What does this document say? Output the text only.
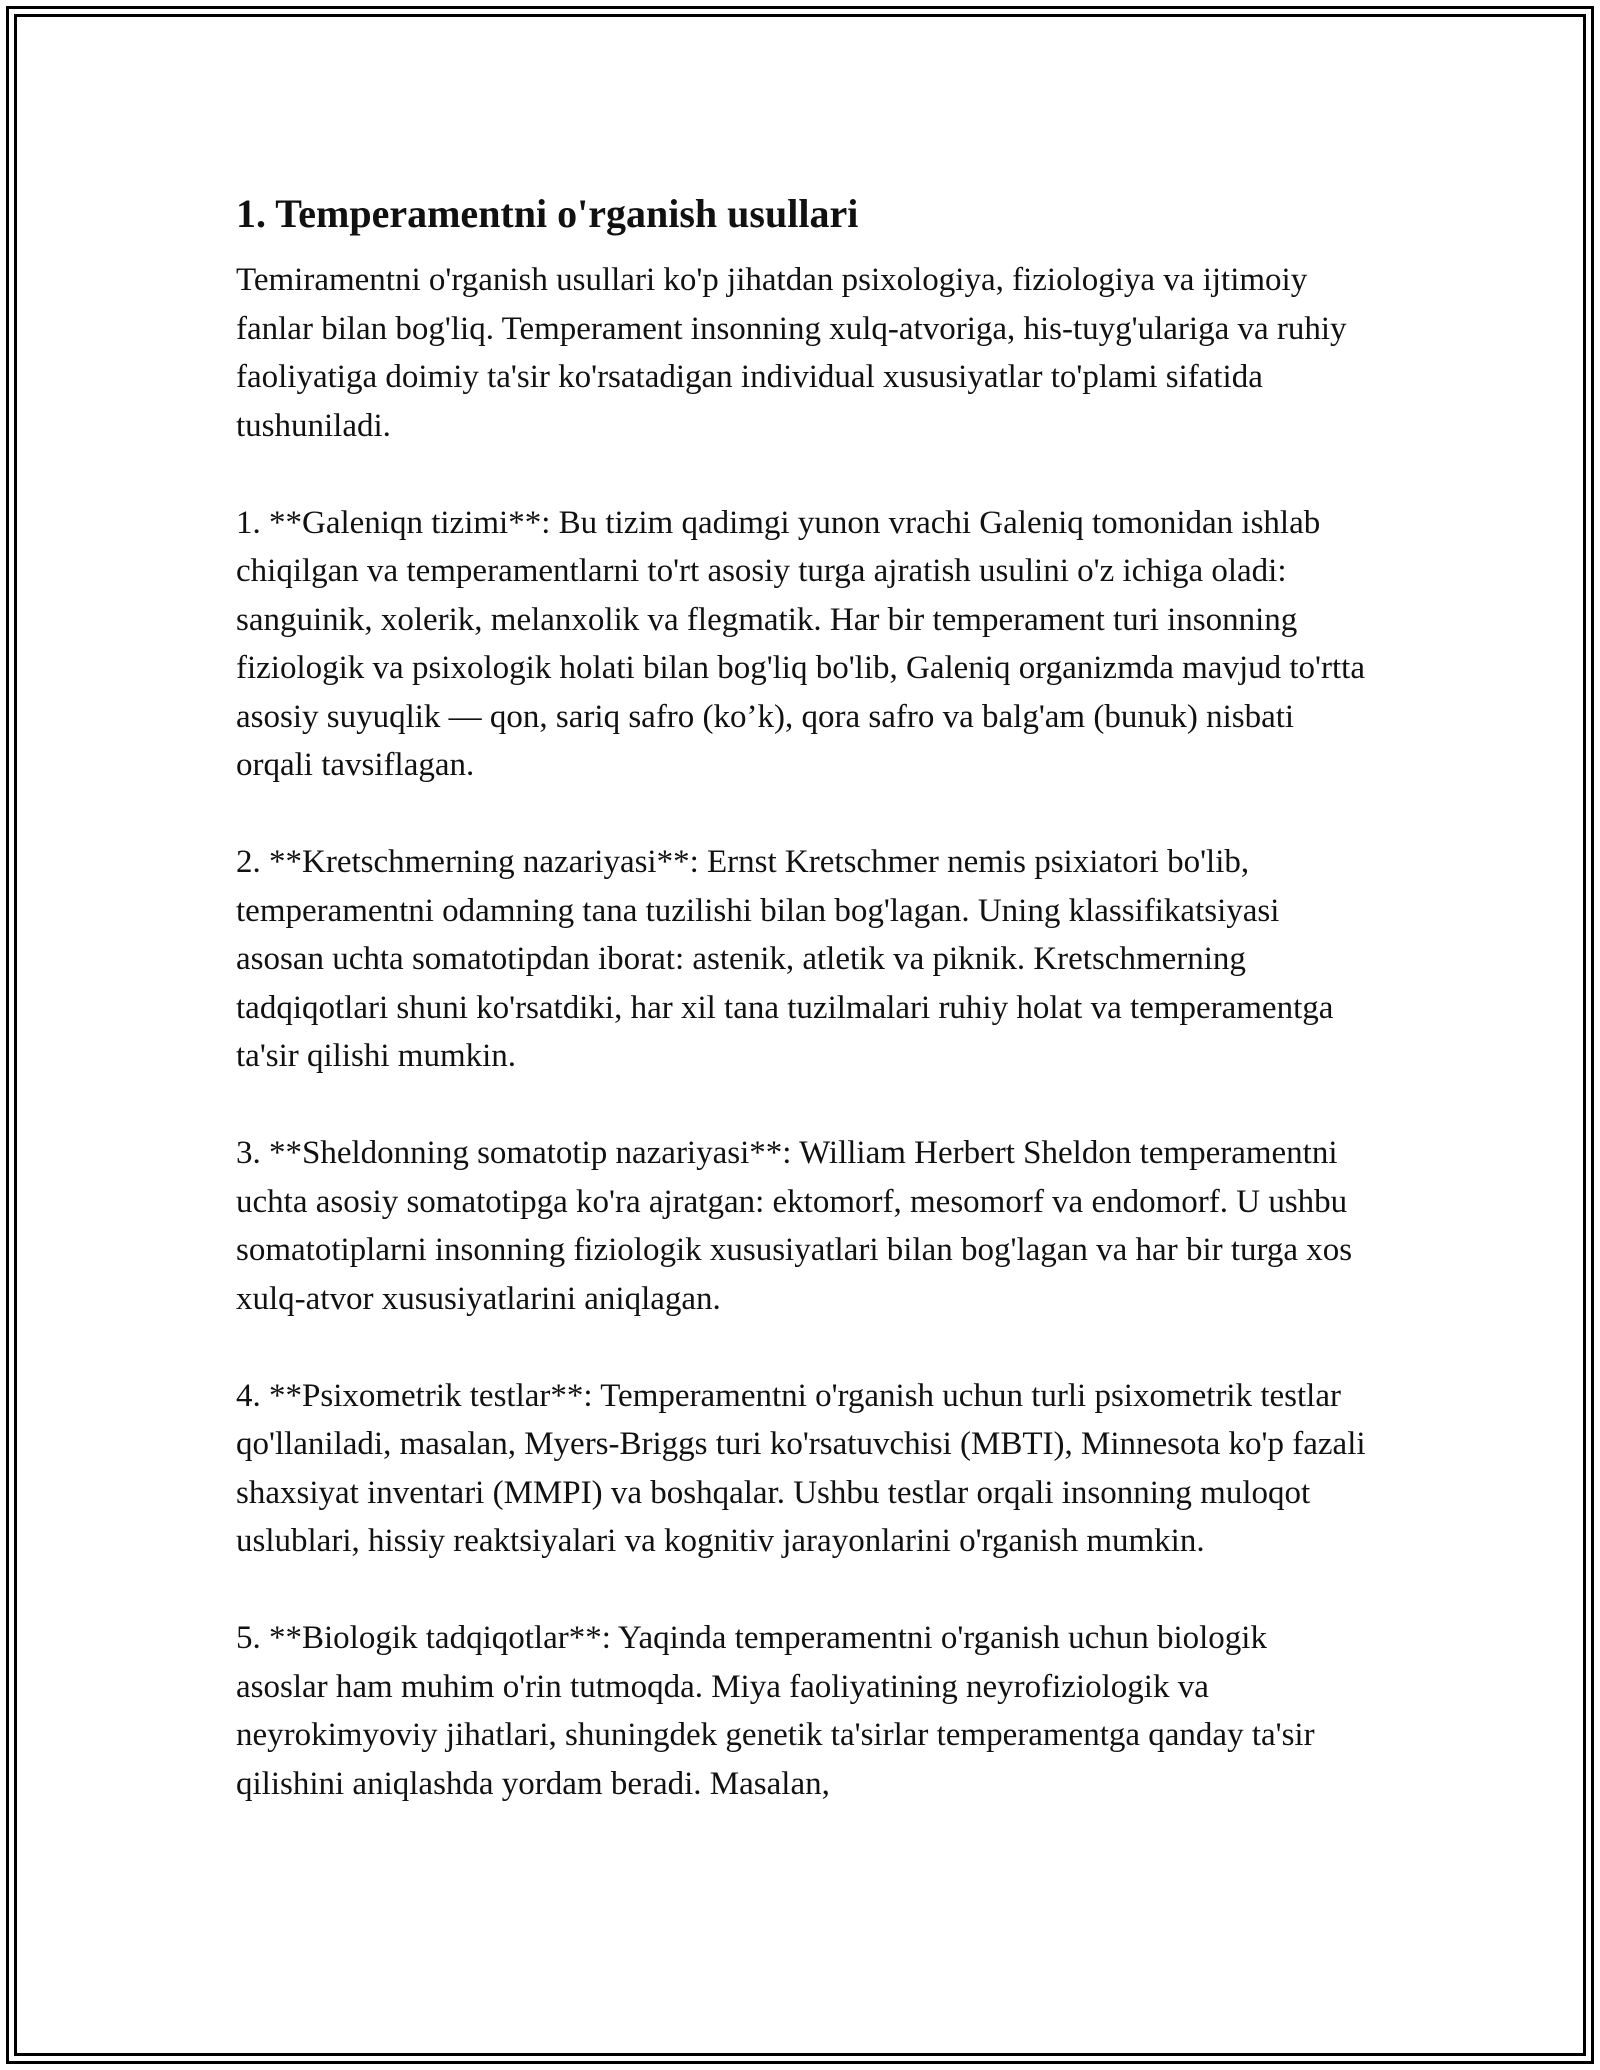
1. Temperamentni o'rganish usullari

Temiramentni o'rganish usullari ko'p jihatdan psixologiya, fiziologiya va ijtimoiy fanlar bilan bog'liq. Temperament insonning xulq-atvoriga, his-tuyg'ulariga va ruhiy faoliyatiga doimiy ta'sir ko'rsatadigan individual xususiyatlar to'plami sifatida tushuniladi.

1. **Galeniqn tizimi**: Bu tizim qadimgi yunon vrachi Galeniq tomonidan ishlab chiqilgan va temperamentlarni to'rt asosiy turga ajratish usulini o'z ichiga oladi: sanguinik, xolerik, melanxolik va flegmatik. Har bir temperament turi insonning fiziologik va psixologik holati bilan bog'liq bo'lib, Galeniq organizmda mavjud to'rtta asosiy suyuqlik — qon, sariq safro (ko’k), qora safro va balg'am (bunuk) nisbati orqali tavsiflagan.

2. **Kretschmerning nazariyasi**: Ernst Kretschmer nemis psixiatori bo'lib, temperamentni odamning tana tuzilishi bilan bog'lagan. Uning klassifikatsiyasi asosan uchta somatotipdan iborat: astenik, atletik va piknik. Kretschmerning tadqiqotlari shuni ko'rsatdiki, har xil tana tuzilmalari ruhiy holat va temperamentga ta'sir qilishi mumkin.

3. **Sheldonning somatotip nazariyasi**: William Herbert Sheldon temperamentni uchta asosiy somatotipga ko'ra ajratgan: ektomorf, mesomorf va endomorf. U ushbu somatotiplarni insonning fiziologik xususiyatlari bilan bog'lagan va har bir turga xos xulq-atvor xususiyatlarini aniqlagan.

4. **Psixometrik testlar**: Temperamentni o'rganish uchun turli psixometrik testlar qo'llaniladi, masalan, Myers-Briggs turi ko'rsatuvchisi (MBTI), Minnesota ko'p fazali shaxsiyat inventari (MMPI) va boshqalar. Ushbu testlar orqali insonning muloqot uslublari, hissiy reaktsiyalari va kognitiv jarayonlarini o'rganish mumkin.

5. **Biologik tadqiqotlar**: Yaqinda temperamentni o'rganish uchun biologik asoslar ham muhim o'rin tutmoqda. Miya faoliyatining neyrofiziologik va neyrokimyoviy jihatlari, shuningdek genetik ta'sirlar temperamentga qanday ta'sir qilishini aniqlashda yordam beradi. Masalan,
